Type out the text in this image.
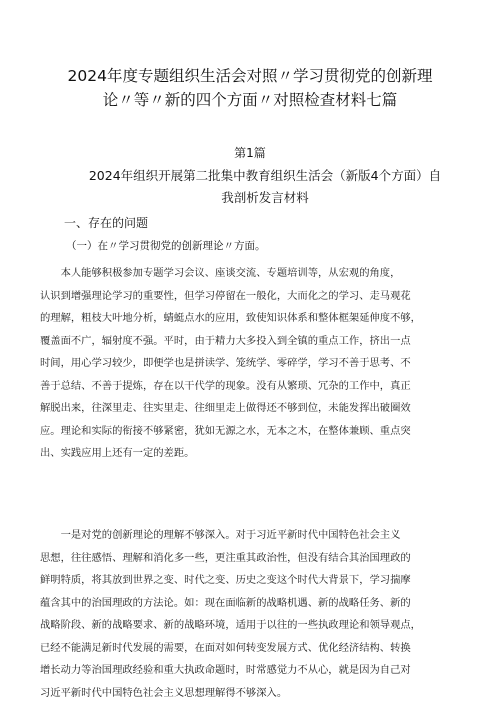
2024年度专题组织生活会对照〃学习贯彻党的创新理
论〃等〃新的四个方面〃对照检查材料七篇
第1篇
2024年组织开展第二批集中教育组织生活会（新版4个方面）自
我剖析发言材料
一、存在的问题
（一）在〃学习贯彻党的创新理论〃方面。
　　本人能够积极参加专题学习会议、座谈交流、专题培训等，从宏观的角度，
认识到增强理论学习的重要性，但学习停留在一般化，大而化之的学习、走马观花
的理解，粗枝大叶地分析，蜻蜓点水的应用，致使知识体系和整体框架延伸度不够，
覆盖面不广，辐射度不强。平时，由于精力大多投入到全镇的重点工作，挤出一点
时间，用心学习较少，即便学也是拼读学、笼统学、零碎学，学习不善于思考、不
善于总结、不善于提炼，存在以干代学的现象。没有从繁琐、冗杂的工作中，真正
解脱出来，往深里走、往实里走、往细里走上做得还不够到位，未能发挥出破圈效
应。理论和实际的衔接不够紧密，犹如无源之水，无本之木，在整体兼顾、重点突
出、实践应用上还有一定的差距。
　　一是对党的创新理论的理解不够深入。对于习近平新时代中国特色社会主义
思想，往往感悟、理解和消化多一些，更注重其政治性，但没有结合其治国理政的
鲜明特质，将其放到世界之变、时代之变、历史之变这个时代大背景下，学习揣摩
蕴含其中的治国理政的方法论。如：现在面临新的战略机遇、新的战略任务、新的
战略阶段、新的战略要求、新的战略环境，适用于以往的一些执政理论和领导观点，
已经不能满足新时代发展的需要，在面对如何转变发展方式、优化经济结构、转换
增长动力等治国理政经验和重大执政命题时，时常感觉力不从心，就是因为自己对
习近平新时代中国特色社会主义思想理解得不够深入。
